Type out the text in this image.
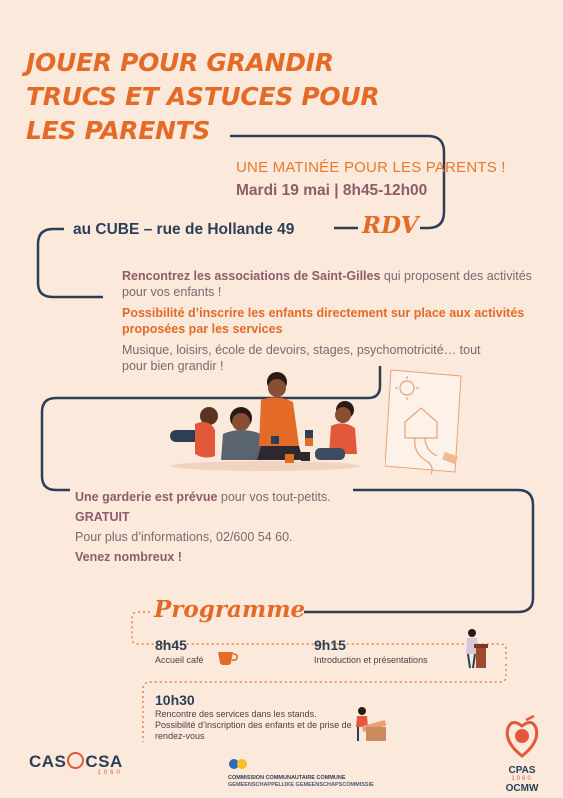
JOUER POUR GRANDIR
TRUCS ET ASTUCES POUR
LES PARENTS
UNE MATINÉE POUR LES PARENTS !
Mardi 19 mai | 8h45-12h00
au CUBE – rue de Hollande 49	RDV
Rencontrez les associations de Saint-Gilles qui proposent des activités pour vos enfants !
Possibilité d’inscrire les enfants directement sur place aux activités proposées par les services
Musique, loisirs, école de devoirs, stages, psychomotricité… tout pour bien grandir !
Une garderie est prévue pour vos tout-petits.
GRATUIT
Pour plus d’informations, 02/600 54 60.
Venez nombreux !
Programme
8h45
Accueil café
9h15
Introduction et présentations
10h30
Rencontre des services dans les stands. Possibilité d’inscription des enfants et de prise de rendez-vous
CAS CSA
1060
COMMISSION COMMUNAUTAIRE COMMUNE
GEMEENSCHAPPELIJKE GEMEENSCHAPSCOMMISSIE
CPAS
1060
OCMW
